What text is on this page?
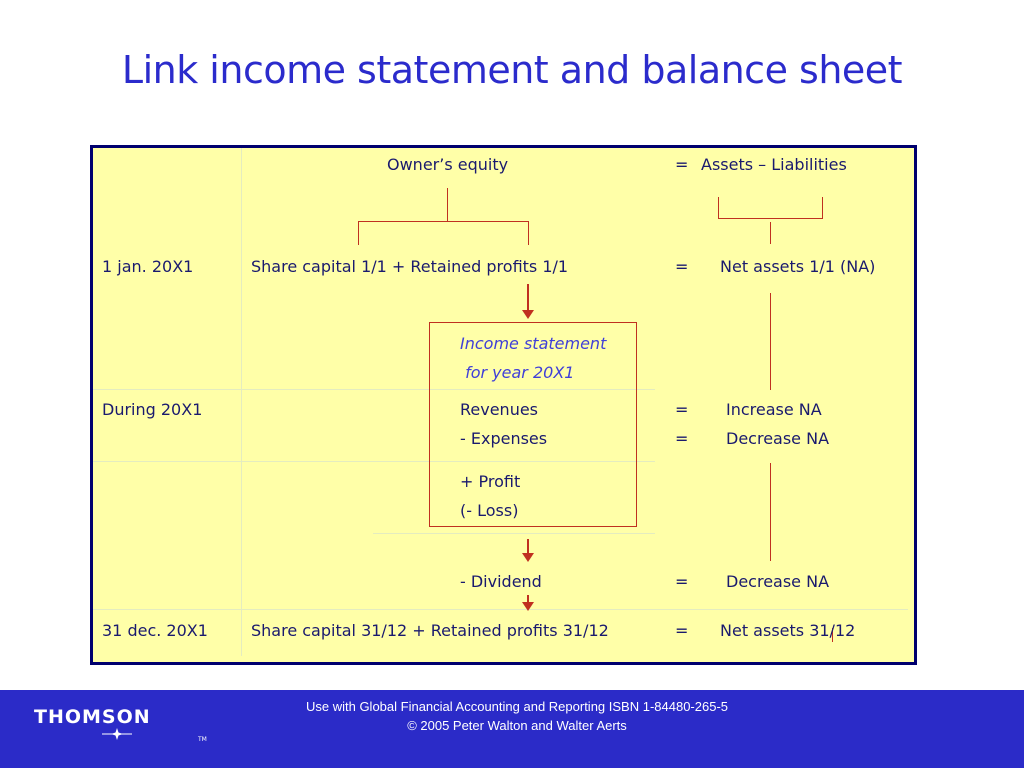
Link income statement and balance sheet
Owner’s equity	= Assets – Liabilities
1 jan. 20X1	Share capital 1/1 + Retained profits 1/1	= Net assets 1/1 (NA)
Income statement
for year 20X1
During 20X1	Revenues	= Increase NA
- Expenses	= Decrease NA
+ Profit
(- Loss)
- Dividend	= Decrease NA
31 dec. 20X1	Share capital 31/12 + Retained profits 31/12	= Net assets 31/12
THOMSON
TM
Use with Global Financial Accounting and Reporting ISBN 1-84480-265-5
© 2005 Peter Walton and Walter Aerts
